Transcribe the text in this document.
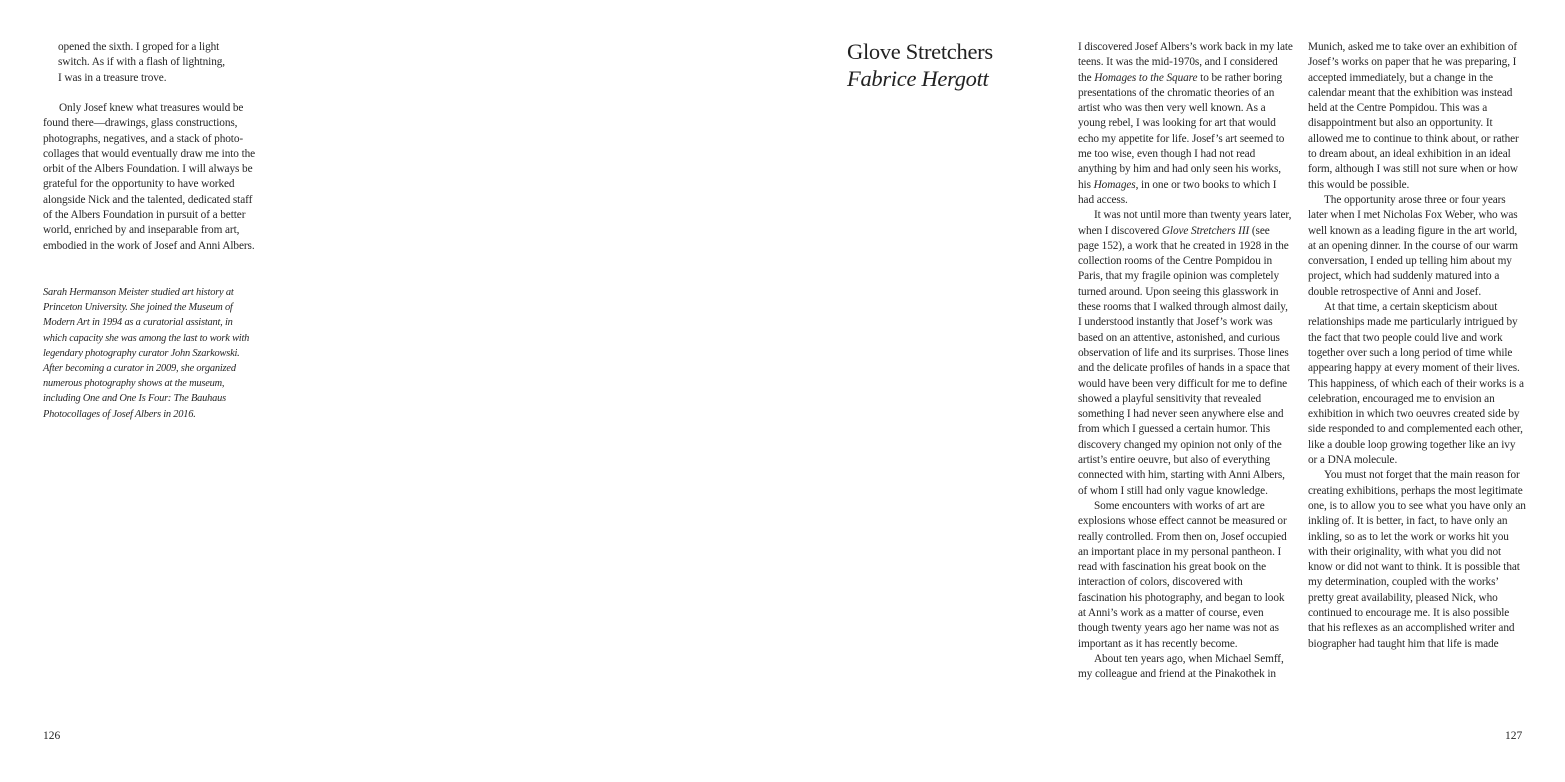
opened the sixth. I groped for a light
switch. As if with a flash of lightning,
I was in a treasure trove.

Only Josef knew what treasures would be found there—drawings, glass constructions, photographs, negatives, and a stack of photo-collages that would eventually draw me into the orbit of the Albers Foundation. I will always be grateful for the opportunity to have worked alongside Nick and the talented, dedicated staff of the Albers Foundation in pursuit of a better world, enriched by and inseparable from art, embodied in the work of Josef and Anni Albers.

Sarah Hermanson Meister studied art history at Princeton University. She joined the Museum of Modern Art in 1994 as a curatorial assistant, in which capacity she was among the last to work with legendary photography curator John Szarkowski. After becoming a curator in 2009, she organized numerous photography shows at the museum, including One and One Is Four: The Bauhaus Photocollages of Josef Albers in 2016.
126
Glove Stretchers
Fabrice Hergott

I discovered Josef Albers’s work back in my late teens. It was the mid-1970s, and I considered the Homages to the Square to be rather boring presentations of the chromatic theories of an artist who was then very well known. As a young rebel, I was looking for art that would echo my appetite for life. Josef’s art seemed to me too wise, even though I had not read anything by him and had only seen his works, his Homages, in one or two books to which I had access.

It was not until more than twenty years later, when I discovered Glove Stretchers III (see page 152), a work that he created in 1928 in the collection rooms of the Centre Pompidou in Paris, that my fragile opinion was completely turned around. Upon seeing this glasswork in these rooms that I walked through almost daily, I understood instantly that Josef’s work was based on an attentive, astonished, and curious observation of life and its surprises. Those lines and the delicate profiles of hands in a space that would have been very difficult for me to define showed a playful sensitivity that revealed something I had never seen anywhere else and from which I guessed a certain humor. This discovery changed my opinion not only of the artist’s entire oeuvre, but also of everything connected with him, starting with Anni Albers, of whom I still had only vague knowledge.

Some encounters with works of art are explosions whose effect cannot be measured or really controlled. From then on, Josef occupied an important place in my personal pantheon. I read with fascination his great book on the interaction of colors, discovered with fascination his photography, and began to look at Anni’s work as a matter of course, even though twenty years ago her name was not as important as it has recently become.

About ten years ago, when Michael Semff, my colleague and friend at the Pinakothek in

Munich, asked me to take over an exhibition of Josef’s works on paper that he was preparing, I accepted immediately, but a change in the calendar meant that the exhibition was instead held at the Centre Pompidou. This was a disappointment but also an opportunity. It allowed me to continue to think about, or rather to dream about, an ideal exhibition in an ideal form, although I was still not sure when or how this would be possible.

The opportunity arose three or four years later when I met Nicholas Fox Weber, who was well known as a leading figure in the art world, at an opening dinner. In the course of our warm conversation, I ended up telling him about my project, which had suddenly matured into a double retrospective of Anni and Josef.

At that time, a certain skepticism about relationships made me particularly intrigued by the fact that two people could live and work together over such a long period of time while appearing happy at every moment of their lives. This happiness, of which each of their works is a celebration, encouraged me to envision an exhibition in which two oeuvres created side by side responded to and complemented each other, like a double loop growing together like an ivy or a DNA molecule.

You must not forget that the main reason for creating exhibitions, perhaps the most legitimate one, is to allow you to see what you have only an inkling of. It is better, in fact, to have only an inkling, so as to let the work or works hit you with their originality, with what you did not know or did not want to think. It is possible that my determination, coupled with the works’ pretty great availability, pleased Nick, who continued to encourage me. It is also possible that his reflexes as an accomplished writer and biographer had taught him that life is made

127
